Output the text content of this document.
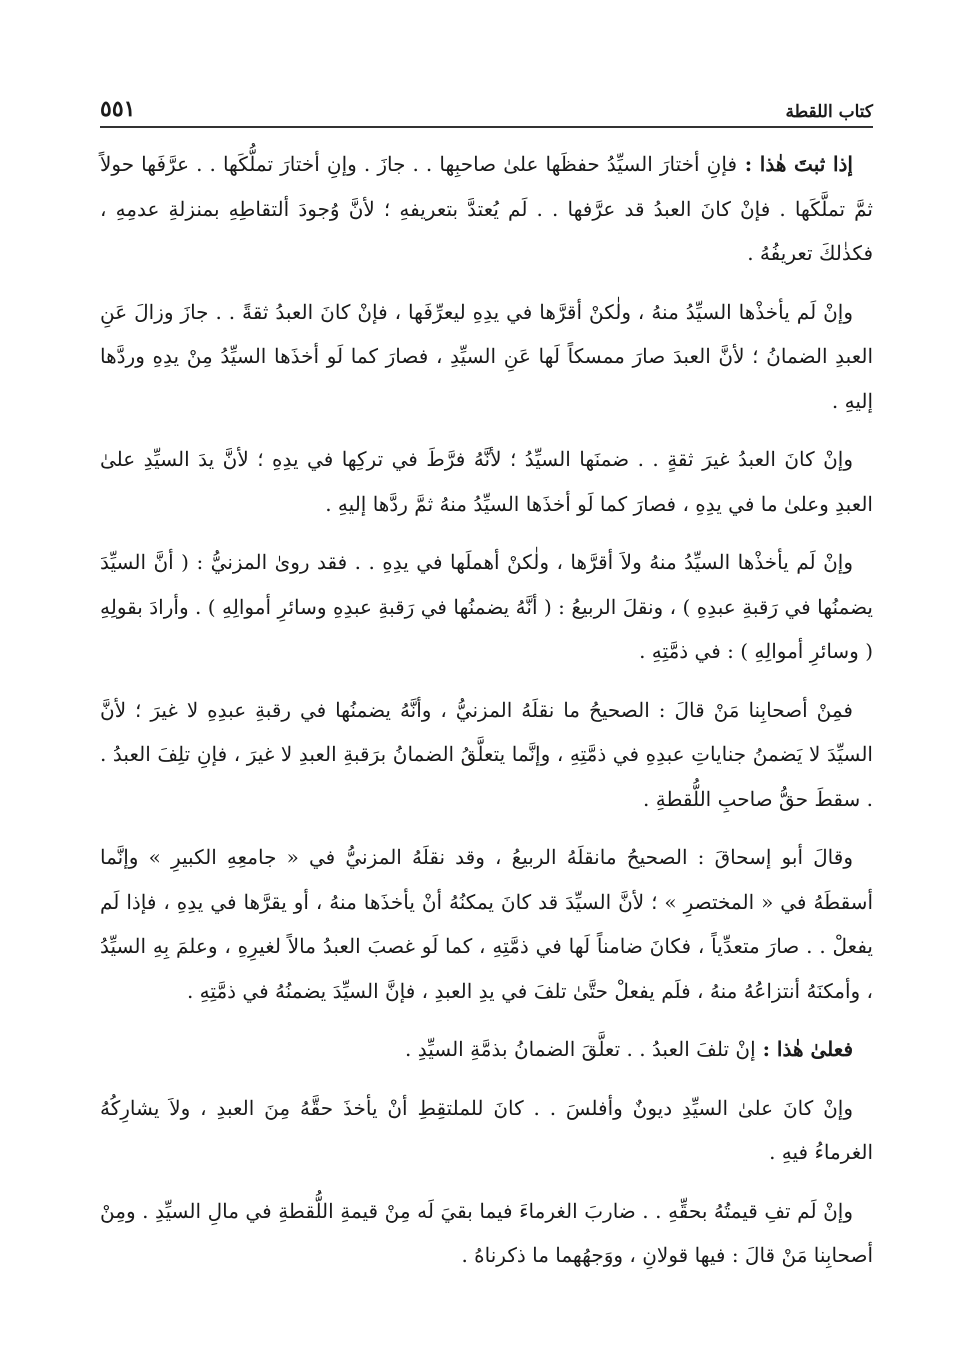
كتاب اللقطة
٥٥١

إذا ثبتَ هٰذا : فإنِ أختارَ السيِّدُ حفظَها علىٰ صاحبِها . . جازَ . وإنِ أختارَ تملُّكَها . . عرَّفَها حولاً ثمَّ تملَّكَها . فإنْ كانَ العبدُ قد عرَّفها . . لَم يُعتدَّ بتعريفهِ ؛ لأنَّ وُجودَ ألتقاطِهِ بمنزلةِ عدمِهِ ، فكذٰلكَ تعريفُهُ .

وإنْ لَم يأخذْها السيِّدُ منهُ ، ولٰكنْ أقرَّها في يدِهِ ليعرِّفَها ، فإنْ كانَ العبدُ ثقةً . . جازَ وزالَ عَنِ العبدِ الضمانُ ؛ لأنَّ العبدَ صارَ ممسكاً لَها عَنِ السيِّدِ ، فصارَ كما لَو أخذَها السيِّدُ مِنْ يدِهِ وردَّها إليهِ .

وإنْ كانَ العبدُ غيرَ ثقةٍ . . ضمنَها السيِّدُ ؛ لأنَّهُ فرَّطَ في تركِها في يدِهِ ؛ لأنَّ يدَ السيِّدِ علىٰ العبدِ وعلىٰ ما في يدِهِ ، فصارَ كما لَو أخذَها السيِّدُ منهُ ثمَّ ردَّها إليهِ .

وإنْ لَم يأخذْها السيِّدُ منهُ ولاَ أقرَّها ، ولٰكنْ أهملَها في يدِهِ . . فقد روىٰ المزنيُّ : ( أنَّ السيِّدَ يضمنُها في رَقبةِ عبدِهِ ) ، ونقلَ الربيعُ : ( أنَّهُ يضمنُها في رَقبةِ عبدِهِ وسائرِ أموالِهِ ) . وأرادَ بقولِهِ ( وسائرِ أموالِهِ ) : في ذمَّتِهِ .

فمِنْ أصحابِنا مَنْ قالَ : الصحيحُ ما نقلَهُ المزنيُّ ، وأنَّهُ يضمنُها في رقبةِ عبدِهِ لا غيرَ ؛ لأنَّ السيِّدَ لا يَضمنُ جناياتِ عبدِهِ في ذمَّتِهِ ، وإنَّما يتعلَّقُ الضمانُ برَقبةِ العبدِ لا غيرَ ، فإنِ تلِفَ العبدُ . . سقطَ حقُّ صاحبِ اللُّقطةِ .

وقالَ أبو إسحاقَ : الصحيحُ مانقلَهُ الربيعُ ، وقد نقلَهُ المزنيُّ في « جامعِهِ الكبيرِ » وإنَّما أسقطَهُ في « المختصرِ » ؛ لأنَّ السيِّدَ قد كانَ يمكنُهُ أنْ يأخذَها منهُ ، أو يقرَّها في يدِهِ ، فإذا لَم يفعلْ . . صارَ متعدِّياً ، فكانَ ضامناً لَها في ذمَّتِهِ ، كما لَو غصبَ العبدُ مالاً لغيرِهِ ، وعلمَ بِهِ السيِّدُ ، وأمكنَهُ أنتزاعُهُ منهُ ، فلَم يفعلْ حتَّىٰ تلفَ في يدِ العبدِ ، فإنَّ السيِّدَ يضمنُهُ في ذمَّتِهِ .

فعلىٰ هٰذا : إنْ تلفَ العبدُ . . تعلَّقَ الضمانُ بذمَّةِ السيِّدِ .

وإنْ كانَ علىٰ السيِّدِ ديونٌ وأفلسَ . . كانَ للملتقِطِ أنْ يأخذَ حقَّهُ مِنَ العبدِ ، ولاَ يشارِكُهُ الغرماءُ فيهِ .

وإنْ لَم تفِ قيمتُهُ بحقِّهِ . . ضاربَ الغرماءَ فيما بقيَ لَه مِنْ قيمةِ اللُّقطةِ في مالِ السيِّدِ . ومِنْ أصحابِنا مَنْ قالَ : فيها قولانِ ، ووَجهُهما ما ذكرناهُ .
